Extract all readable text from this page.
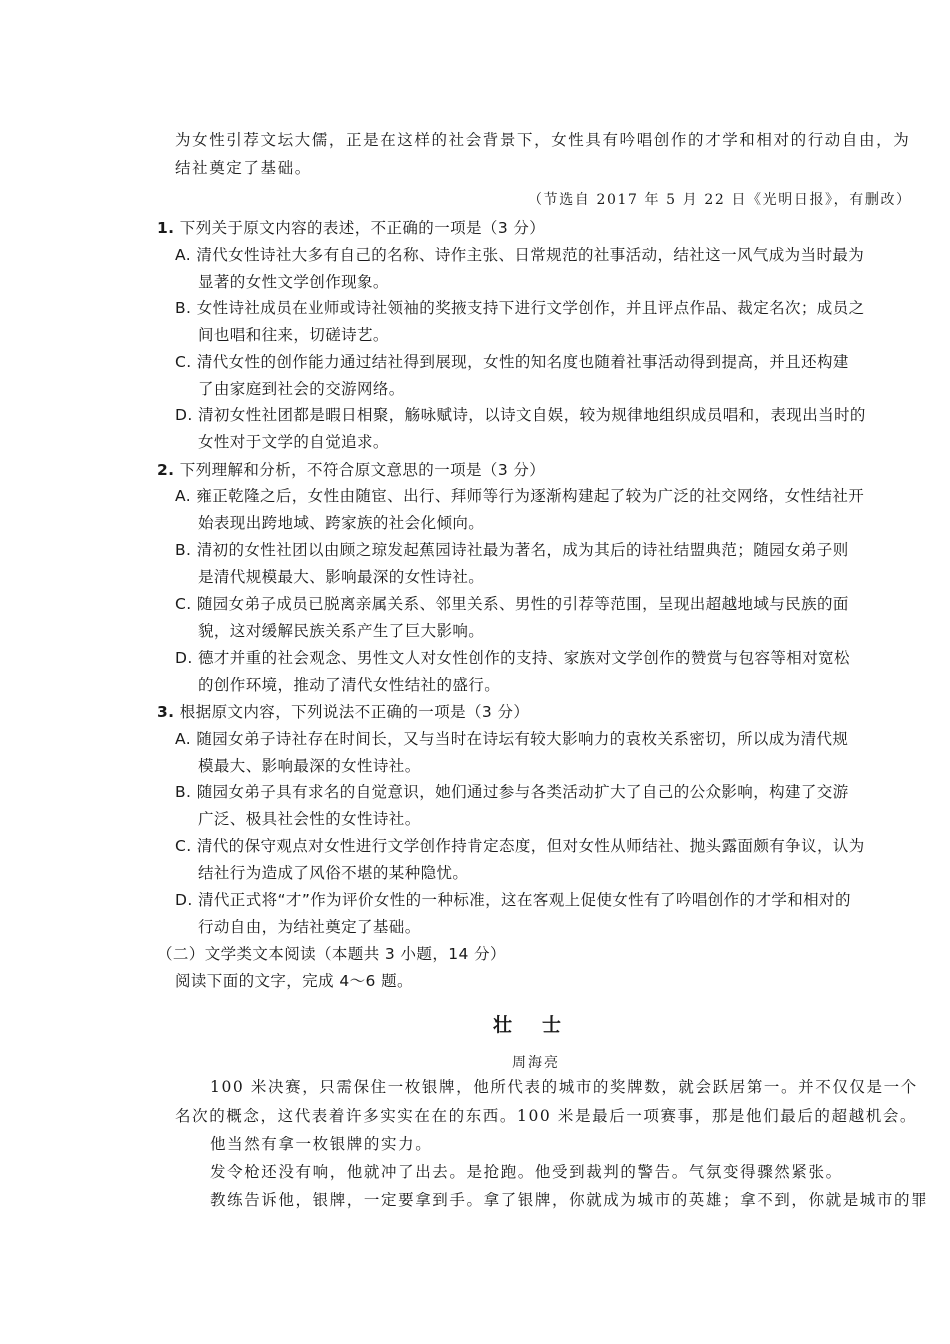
为女性引荐文坛大儒，正是在这样的社会背景下，女性具有吟唱创作的才学和相对的行动自由，为
结社奠定了基础。
（节选自 2017 年 5 月 22 日《光明日报》，有删改）
1. 下列关于原文内容的表述，不正确的一项是（3 分）
A. 清代女性诗社大多有自己的名称、诗作主张、日常规范的社事活动，结社这一风气成为当时最为
显著的女性文学创作现象。
B. 女性诗社成员在业师或诗社领袖的奖掖支持下进行文学创作，并且评点作品、裁定名次；成员之
间也唱和往来，切磋诗艺。
C. 清代女性的创作能力通过结社得到展现，女性的知名度也随着社事活动得到提高，并且还构建
了由家庭到社会的交游网络。
D. 清初女性社团都是暇日相聚，觞咏赋诗，以诗文自娱，较为规律地组织成员唱和，表现出当时的
女性对于文学的自觉追求。
2. 下列理解和分析，不符合原文意思的一项是（3 分）
A. 雍正乾隆之后，女性由随宦、出行、拜师等行为逐渐构建起了较为广泛的社交网络，女性结社开
始表现出跨地域、跨家族的社会化倾向。
B. 清初的女性社团以由顾之琼发起蕉园诗社最为著名，成为其后的诗社结盟典范；随园女弟子则
是清代规模最大、影响最深的女性诗社。
C. 随园女弟子成员已脱离亲属关系、邻里关系、男性的引荐等范围，呈现出超越地域与民族的面
貌，这对缓解民族关系产生了巨大影响。
D. 德才并重的社会观念、男性文人对女性创作的支持、家族对文学创作的赞赏与包容等相对宽松
的创作环境，推动了清代女性结社的盛行。
3. 根据原文内容，下列说法不正确的一项是（3 分）
A. 随园女弟子诗社存在时间长，又与当时在诗坛有较大影响力的袁枚关系密切，所以成为清代规
模最大、影响最深的女性诗社。
B. 随园女弟子具有求名的自觉意识，她们通过参与各类活动扩大了自己的公众影响，构建了交游
广泛、极具社会性的女性诗社。
C. 清代的保守观点对女性进行文学创作持肯定态度，但对女性从师结社、抛头露面颇有争议，认为
结社行为造成了风俗不堪的某种隐忧。
D. 清代正式将“才”作为评价女性的一种标准，这在客观上促使女性有了吟唱创作的才学和相对的
行动自由，为结社奠定了基础。
（二）文学类文本阅读（本题共 3 小题，14 分）
阅读下面的文字，完成 4～6 题。
壮士
周海亮
100 米决赛，只需保住一枚银牌，他所代表的城市的奖牌数，就会跃居第一。并不仅仅是一个
名次的概念，这代表着许多实实在在的东西。100 米是最后一项赛事，那是他们最后的超越机会。
他当然有拿一枚银牌的实力。
发令枪还没有响，他就冲了出去。是抢跑。他受到裁判的警告。气氛变得骤然紧张。
教练告诉他，银牌，一定要拿到手。拿了银牌，你就成为城市的英雄；拿不到，你就是城市的罪
